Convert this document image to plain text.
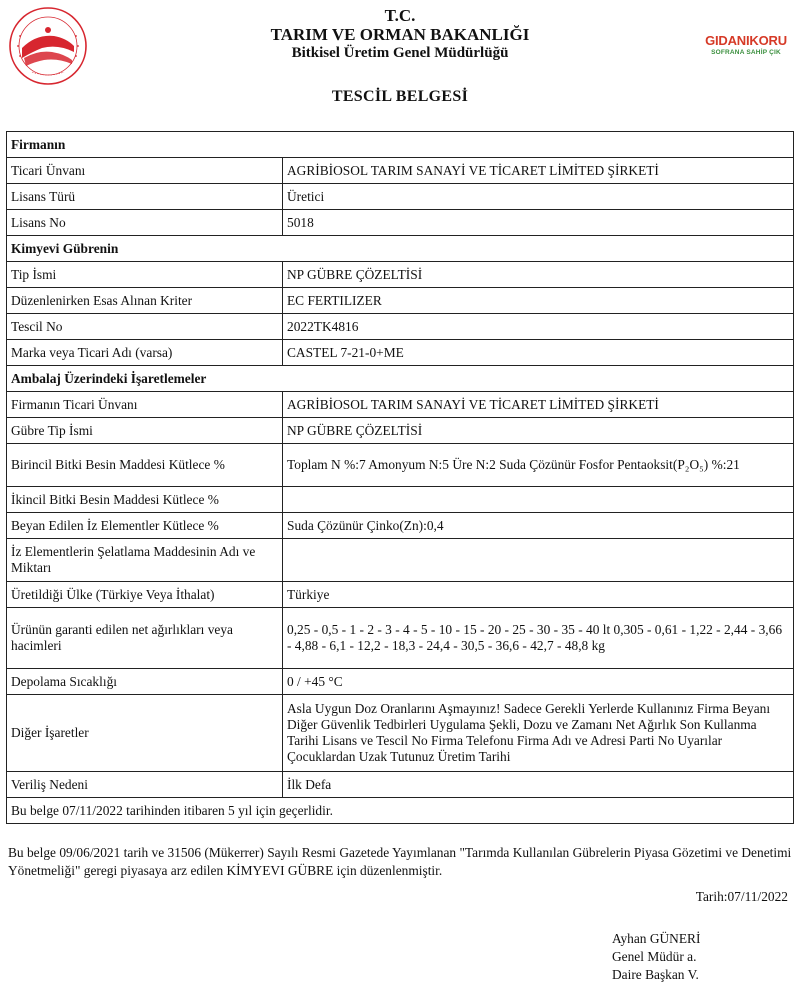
T.C.
TARIM VE ORMAN BAKANLIĞI
Bitkisel Üretim Genel Müdürlüğü
TESCİL BELGESİ
GIDANIKORU
SOFRANA SAHİP ÇIK
Firmanın	
Ticari Ünvanı	AGRİBİOSOL TARIM SANAYİ VE TİCARET LİMİTED ŞİRKETİ
Lisans Türü	Üretici
Lisans No	5018
Kimyevi Gübrenin	
Tip İsmi	NP GÜBRE ÇÖZELTİSİ
Düzenlenirken Esas Alınan Kriter	EC FERTILIZER
Tescil No	2022TK4816
Marka veya Ticari Adı (varsa)	CASTEL 7-21-0+ME
Ambalaj Üzerindeki İşaretlemeler	
Firmanın Ticari Ünvanı	AGRİBİOSOL TARIM SANAYİ VE TİCARET LİMİTED ŞİRKETİ
Gübre Tip İsmi	NP GÜBRE ÇÖZELTİSİ
Birincil Bitki Besin Maddesi Kütlece %	Toplam N %:7 Amonyum N:5 Üre N:2 Suda Çözünür Fosfor Pentaoksit(P₂O₅) %:21
İkincil Bitki Besin Maddesi Kütlece %	
Beyan Edilen İz Elementler Kütlece %	Suda Çözünür Çinko(Zn):0,4
İz Elementlerin Şelatlama Maddesinin Adı ve Miktarı	
Üretildiği Ülke (Türkiye Veya İthalat)	Türkiye
Ürünün garanti edilen net ağırlıkları veya hacimleri	0,25 - 0,5 - 1 - 2 - 3 - 4 - 5 - 10 - 15 - 20 - 25 - 30 - 35 - 40 lt 0,305 - 0,61 - 1,22 - 2,44 - 3,66 - 4,88 - 6,1 - 12,2 - 18,3 - 24,4 - 30,5 - 36,6 - 42,7 - 48,8 kg
Depolama Sıcaklığı	0 / +45 °C
Diğer İşaretler	Asla Uygun Doz Oranlarını Aşmayınız! Sadece Gerekli Yerlerde Kullanınız Firma Beyanı Diğer Güvenlik Tedbirleri Uygulama Şekli, Dozu ve Zamanı Net Ağırlık Son Kullanma Tarihi Lisans ve Tescil No Firma Telefonu Firma Adı ve Adresi Parti No Uyarılar Çocuklardan Uzak Tutunuz Üretim Tarihi
Veriliş Nedeni	İlk Defa
Bu belge 07/11/2022 tarihinden itibaren 5 yıl için geçerlidir.	
Bu belge 09/06/2021 tarih ve 31506 (Mükerrer) Sayılı Resmi Gazetede Yayımlanan "Tarımda Kullanılan Gübrelerin Piyasa Gözetimi ve Denetimi Yönetmeliği" geregi piyasaya arz edilen KİMYEVI GÜBRE için düzenlenmiştir.
Tarih:07/11/2022
Ayhan GÜNERİ
Genel Müdür a.
Daire Başkan V.
